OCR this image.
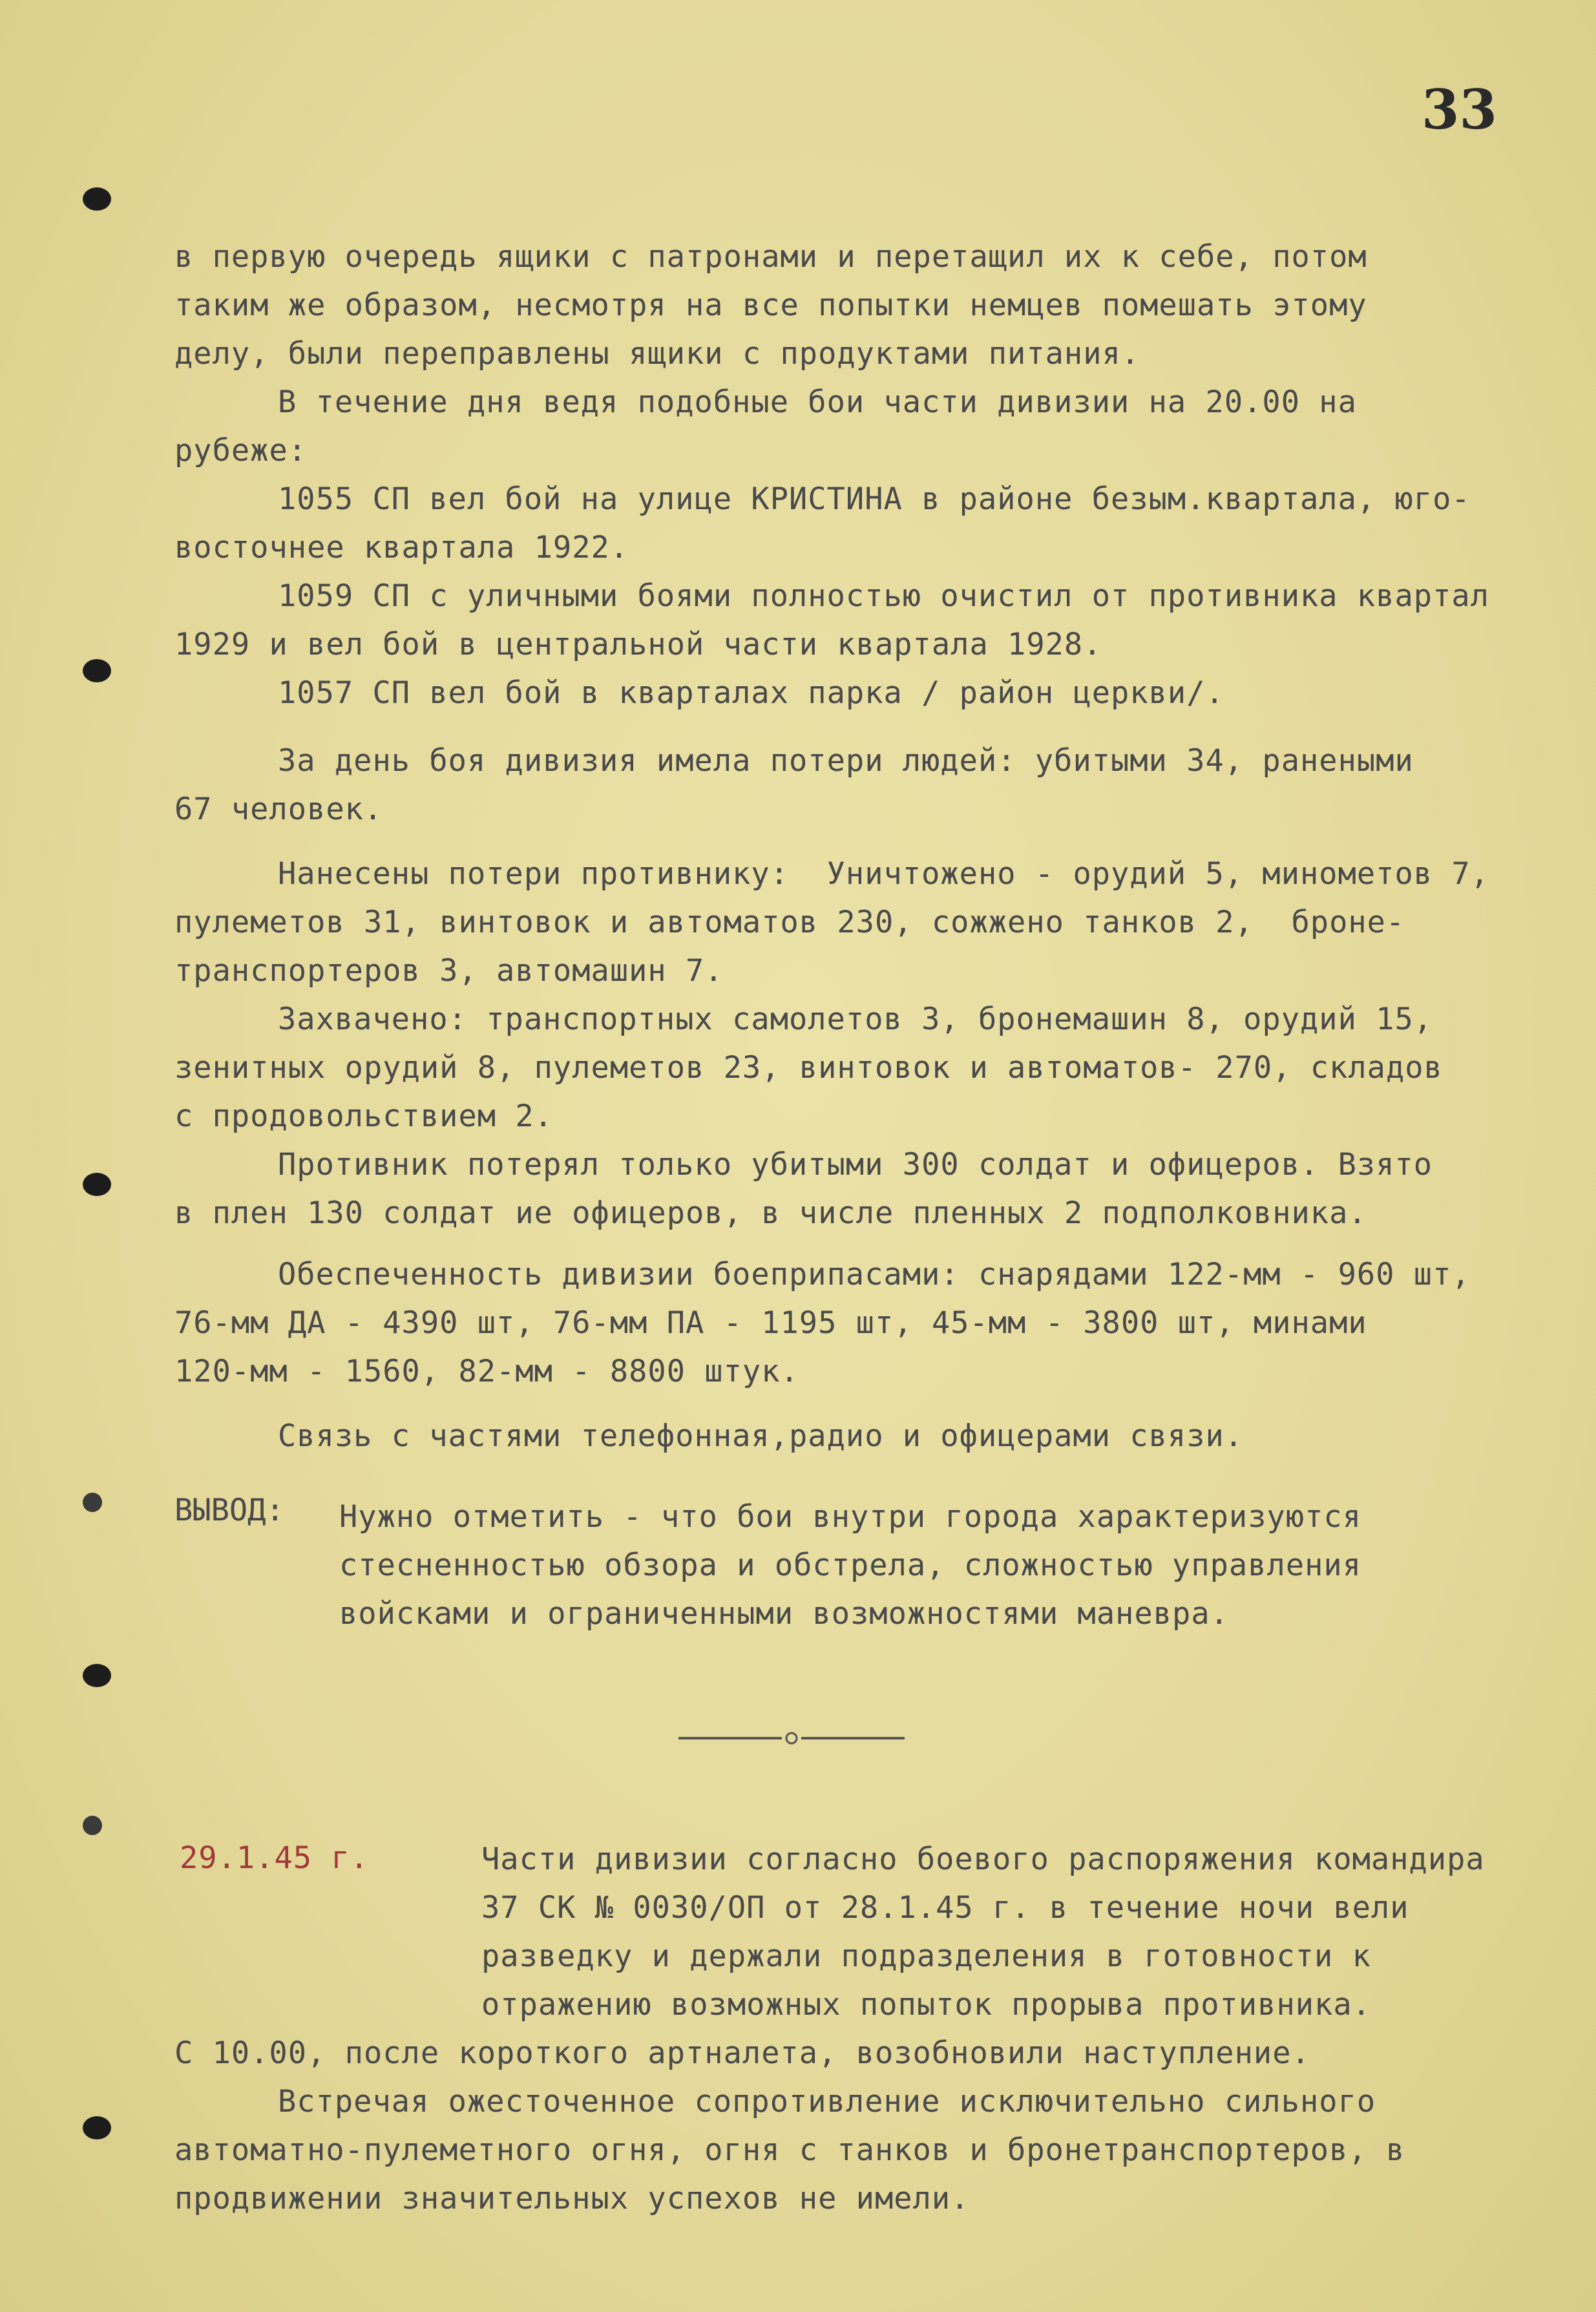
33
в первую очередь ящики с патронами и перетащил их к себе, потом
таким же образом, несмотря на все попытки немцев помешать этому
делу, были переправлены ящики с продуктами питания.
В течение дня ведя подобные бои части дивизии на 20.00 на
рубеже:
1055 СП вел бой на улице КРИСТИНА в районе безым.квартала, юго-
восточнее квартала 1922.
1059 СП с уличными боями полностью очистил от противника квартал
1929 и вел бой в центральной части квартала 1928.
1057 СП вел бой в кварталах парка / район церкви/.
За день боя дивизия имела потери людей: убитыми 34, ранеными
67 человек.
Нанесены потери противнику:  Уничтожено - орудий 5, минометов 7,
пулеметов 31, винтовок и автоматов 230, сожжено танков 2,  броне-
транспортеров 3, автомашин 7.
Захвачено: транспортных самолетов 3, бронемашин 8, орудий 15,
зенитных орудий 8, пулеметов 23, винтовок и автоматов- 270, складов
с продовольствием 2.
Противник потерял только убитыми 300 солдат и офицеров. Взято
в плен 130 солдат ие офицеров, в числе пленных 2 подполковника.
Обеспеченность дивизии боеприпасами: снарядами 122-мм - 960 шт,
76-мм ДА - 4390 шт, 76-мм ПА - 1195 шт, 45-мм - 3800 шт, минами
120-мм - 1560, 82-мм - 8800 штук.
Связь с частями телефонная,радио и офицерами связи.
ВЫВОД: Нужно отметить - что бои внутри города характеризуются
стесненностью обзора и обстрела, сложностью управления
войсками и ограниченными возможностями маневра.
29.1.45 г.	Части дивизии согласно боевого распоряжения командира
37 СК № 0030/ОП от 28.1.45 г. в течение ночи вели
разведку и держали подразделения в готовности к
отражению возможных попыток прорыва противника.
С 10.00, после короткого артналета, возобновили наступление.
Встречая ожесточенное сопротивление исключительно сильного
автоматно-пулеметного огня, огня с танков и бронетранспортеров, в
продвижении значительных успехов не имели.
